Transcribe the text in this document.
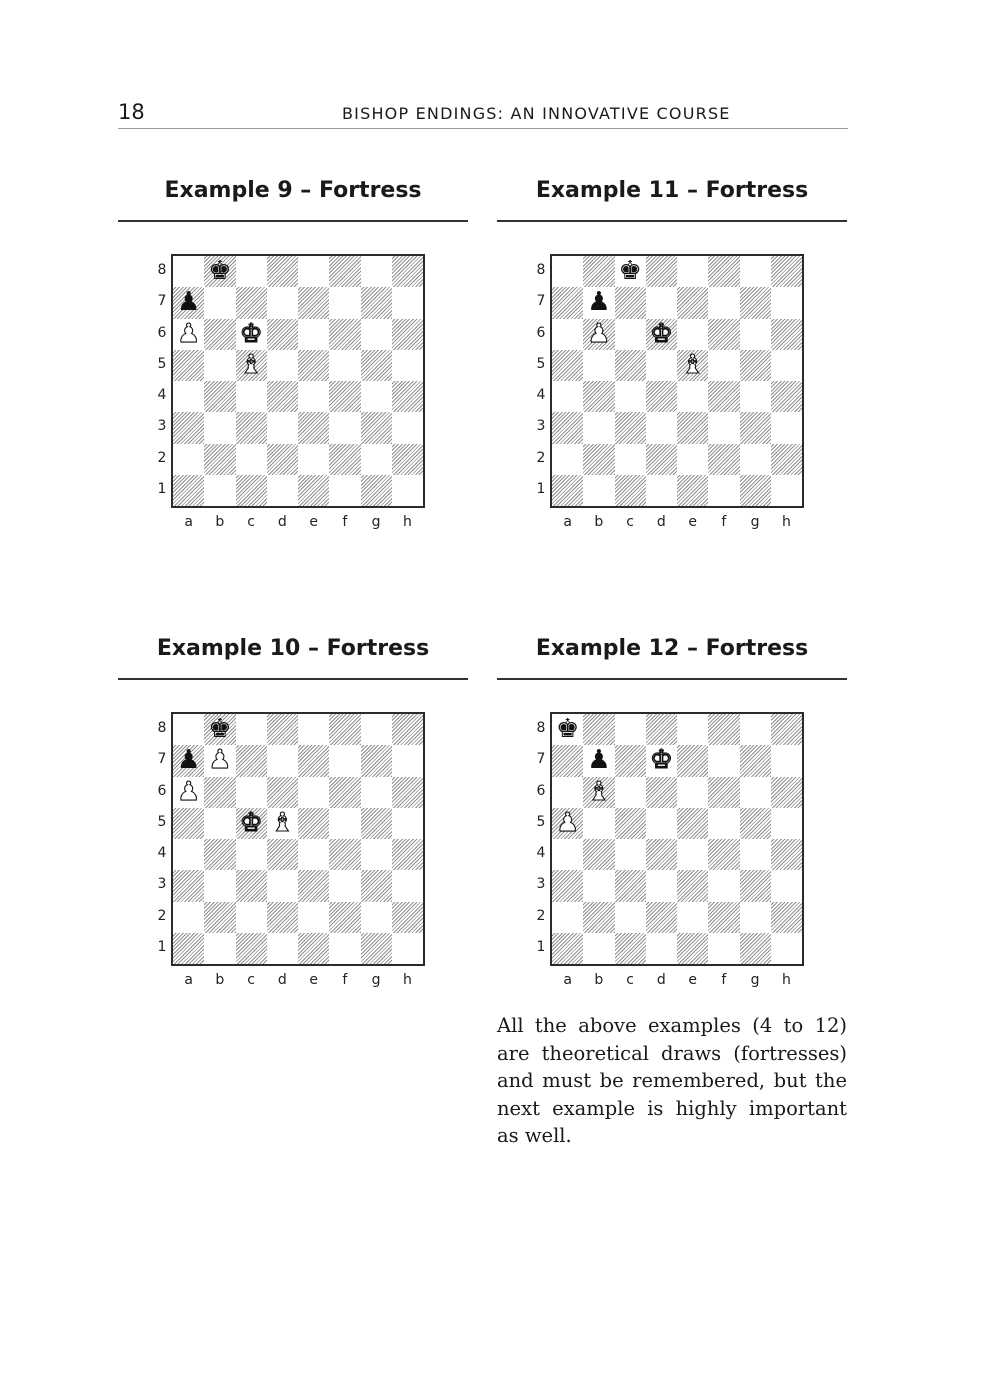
18	BISHOP ENDINGS: AN INNOVATIVE COURSE
Example 9 – Fortress
♚
♟
♟ ♚
♝
8
7
6
5
4
3
2
1
a	b	c	d	e	f	g	h
Example 11 – Fortress
♚
♟
♟ ♚
♝
8
7
6
5
4
3
2
1
a	b	c	d	e	f	g	h
Example 10 – Fortress
♚
♟ ♟
♟
♚ ♝
8
7
6
5
4
3
2
1
a	b	c	d	e	f	g	h
Example 12 – Fortress
♚
♟ ♚
♝
♟
8
7
6
5
4
3
2
1
a	b	c	d	e	f	g	h
All the above examples (4 to 12) are theoretical draws (fortresses) and must be remembered, but the next example is highly important as well.
